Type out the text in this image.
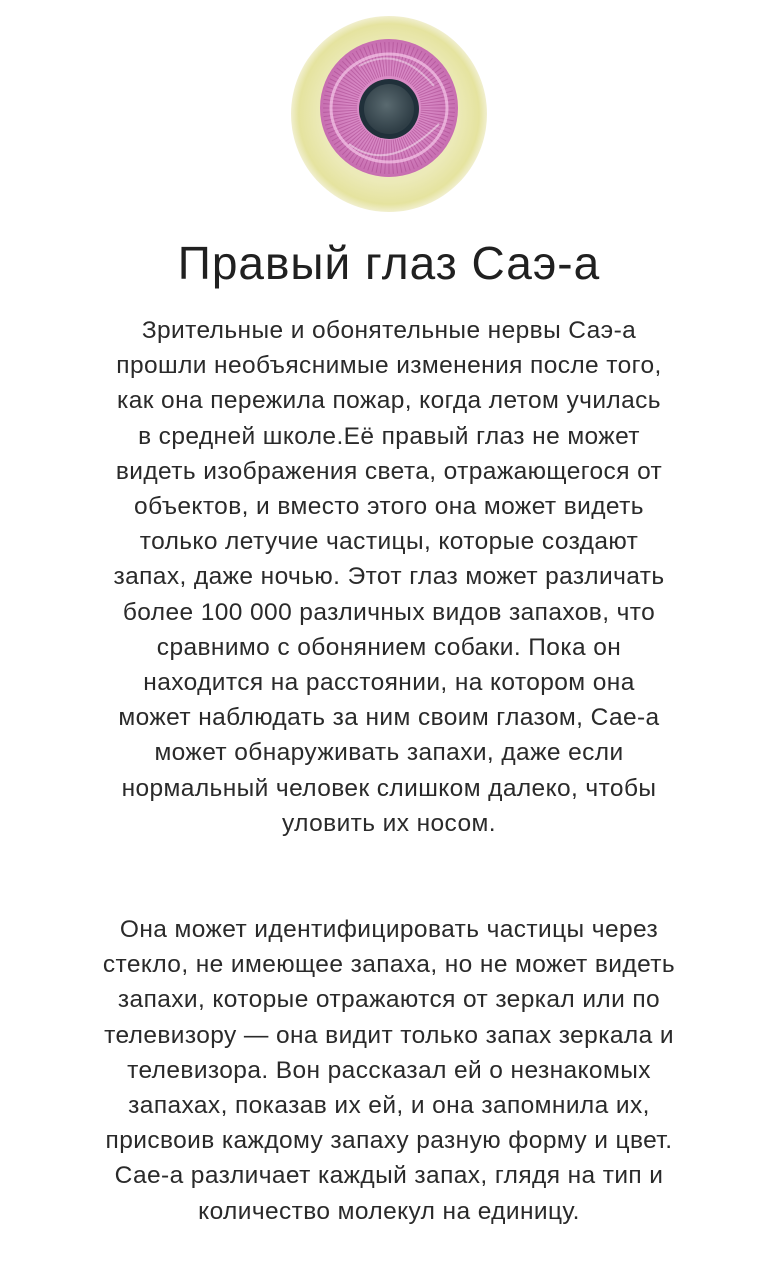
Правый глаз Саэ-а

Зрительные и обонятельные нервы Саэ-а
прошли необъяснимые изменения после того,
как она пережила пожар, когда летом училась
в средней школе.Её правый глаз не может
видеть изображения света, отражающегося от
объектов, и вместо этого она может видеть
только летучие частицы, которые создают
запах, даже ночью. Этот глаз может различать
более 100 000 различных видов запахов, что
сравнимо с обонянием собаки. Пока он
находится на расстоянии, на котором она
может наблюдать за ним своим глазом, Сае-а
может обнаруживать запахи, даже если
нормальный человек слишком далеко, чтобы
уловить их носом.

Она может идентифицировать частицы через
стекло, не имеющее запаха, но не может видеть
запахи, которые отражаются от зеркал или по
телевизору — она видит только запах зеркала и
телевизора. Вон рассказал ей о незнакомых
запахах, показав их ей, и она запомнила их,
присвоив каждому запаху разную форму и цвет.
Сае-а различает каждый запах, глядя на тип и
количество молекул на единицу.
